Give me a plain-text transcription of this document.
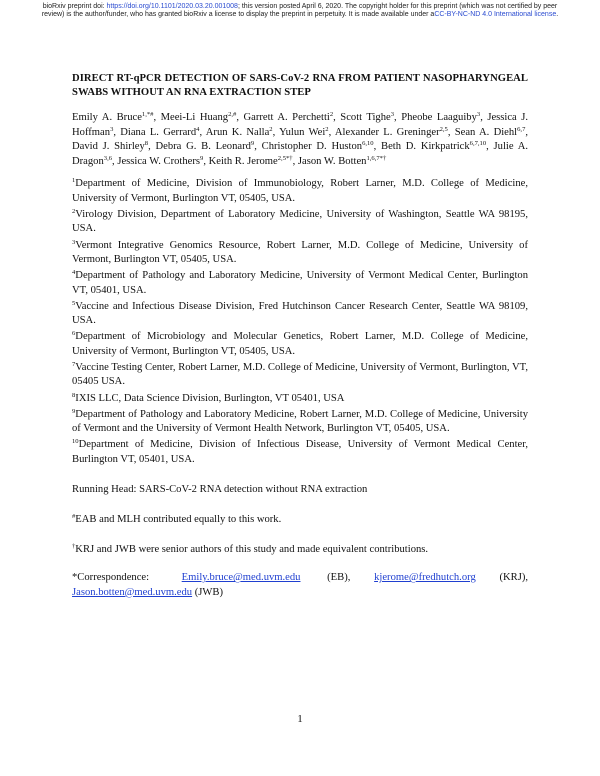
bioRxiv preprint doi: https://doi.org/10.1101/2020.03.20.001008; this version posted April 6, 2020. The copyright holder for this preprint (which was not certified by peer review) is the author/funder, who has granted bioRxiv a license to display the preprint in perpetuity. It is made available under aCC-BY-NC-ND 4.0 International license.

DIRECT RT-qPCR DETECTION OF SARS-CoV-2 RNA FROM PATIENT NASOPHARYNGEAL SWABS WITHOUT AN RNA EXTRACTION STEP

Emily A. Bruce$^{1,*\#}$, Meei-Li Huang$^{2,\#}$, Garrett A. Perchetti$^2$, Scott Tighe$^3$, Pheobe Laaguiby$^3$, Jessica J. Hoffman$^3$, Diana L. Gerrard$^4$, Arun K. Nalla$^2$, Yulun Wei$^2$, Alexander L. Greninger$^{2,5}$, Sean A. Diehl$^{6,7}$, David J. Shirley$^8$, Debra G. B. Leonard$^9$, Christopher D. Huston$^{6,10}$, Beth D. Kirkpatrick$^{6,7,10}$, Julie A. Dragon$^{3,6}$, Jessica W. Crothers$^9$, Keith R. Jerome$^{2,5*\dagger}$, Jason W. Botten$^{1,6,7*\dagger}$
$^1$Department of Medicine, Division of Immunobiology, Robert Larner, M.D. College of Medicine, University of Vermont, Burlington VT, 05405, USA.
$^2$Virology Division, Department of Laboratory Medicine, University of Washington, Seattle WA 98195, USA.
$^3$Vermont Integrative Genomics Resource, Robert Larner, M.D. College of Medicine, University of Vermont, Burlington VT, 05405, USA.
$^4$Department of Pathology and Laboratory Medicine, University of Vermont Medical Center, Burlington VT, 05401, USA.
$^5$Vaccine and Infectious Disease Division, Fred Hutchinson Cancer Research Center, Seattle WA 98109, USA.
$^6$Department of Microbiology and Molecular Genetics, Robert Larner, M.D. College of Medicine, University of Vermont, Burlington VT, 05405, USA.
$^7$Vaccine Testing Center, Robert Larner, M.D. College of Medicine, University of Vermont, Burlington, VT, 05405 USA.
$^8$IXIS LLC, Data Science Division, Burlington, VT 05401, USA
$^9$Department of Pathology and Laboratory Medicine, Robert Larner, M.D. College of Medicine, University of Vermont and the University of Vermont Health Network, Burlington VT, 05405, USA.
$^{10}$Department of Medicine, Division of Infectious Disease, University of Vermont Medical Center, Burlington VT, 05401, USA.
Running Head: SARS-CoV-2 RNA detection without RNA extraction
#EAB and MLH contributed equally to this work.
†KRJ and JWB were senior authors of this study and made equivalent contributions.
*Correspondence:	Emily.bruce@med.uvm.edu	(EB), kjerome@fredhutch.org (KRJ), Jason.botten@med.uvm.edu (JWB)
1
